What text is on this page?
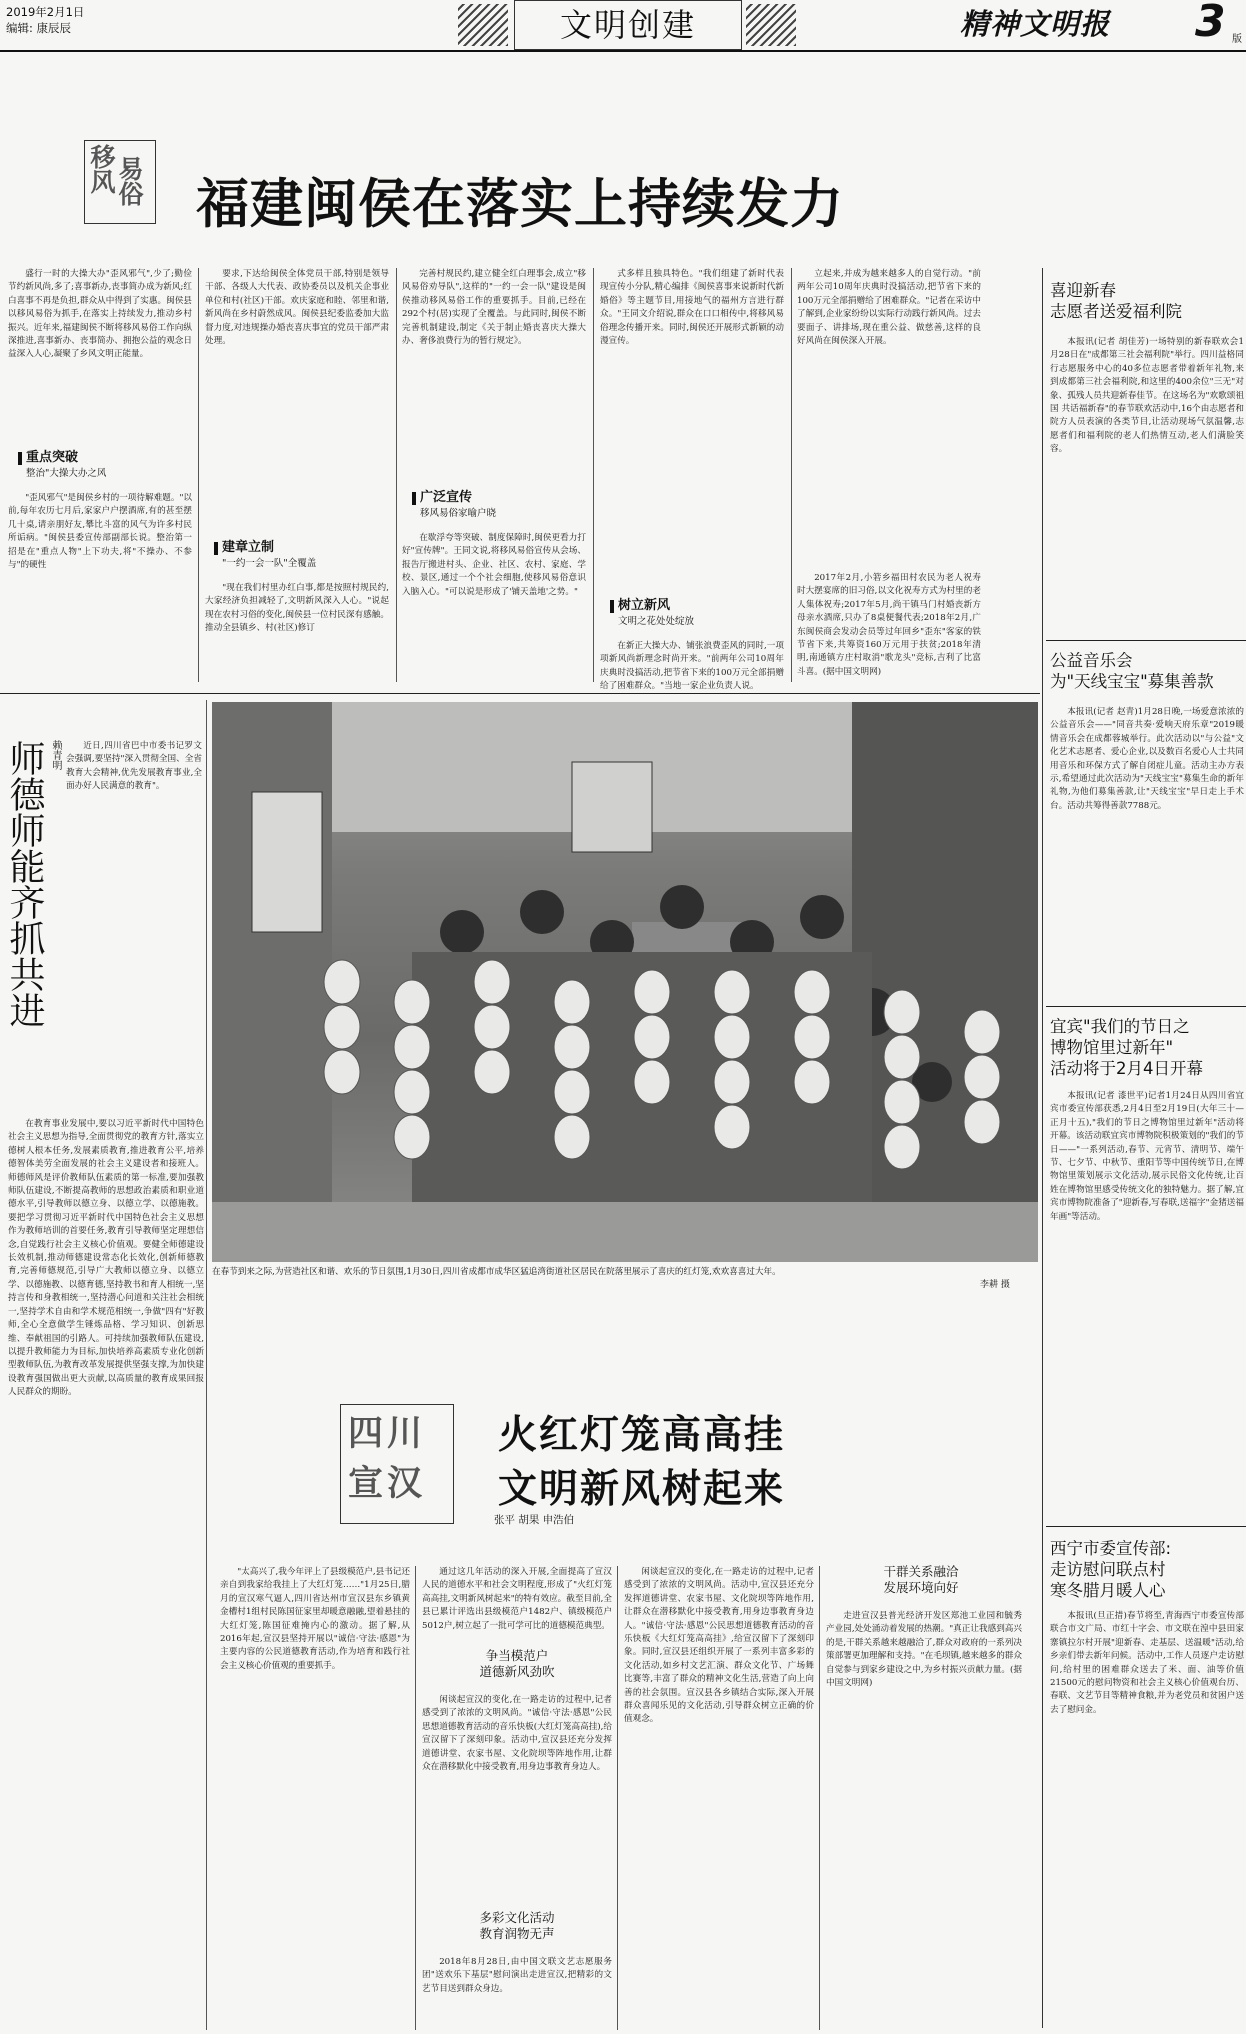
2019年2月1日
编辑: 康辰辰	文明创建	精神文明报 3 版
移风 易俗 福建闽侯在落实上持续发力

盛行一时的大操大办"歪风邪气",少了;勤俭节约新风尚,多了;喜事新办,丧事简办成为新风;红白喜事不再是负担,群众从中得到了实惠。闽侯县以移风易俗为抓手,在落实上持续发力,推动乡村振兴。近年来,福建闽侯不断将移风易俗工作向纵深推进,喜事新办、丧事简办、拥抱公益的观念日益深入人心,凝聚了乡风文明正能量。

重点突破
整治"大操大办之风

"歪风邪气"是闽侯乡村的一项待解难题。"以前,每年农历七月后,家家户户摆酒席,有的甚至摆几十桌,请亲朋好友,攀比斗富的风气为许多村民所诟病。"闽侯县委宣传部副部长说。整治第一招是在"重点人物"上下功夫,将"不操办、不参与"的硬性

要求,下达给闽侯全体党员干部,特别是领导干部、各级人大代表、政协委员以及机关企事业单位和村(社区)干部。欢庆家庭和睦、邻里和谐,新风尚在乡村蔚然成风。闽侯县纪委监委加大监督力度,对违规操办婚丧喜庆事宜的党员干部严肃处理。

建章立制
"一约一会一队"全覆盖

"现在我们村里办红白事,都是按照村规民约,大家经济负担减轻了,文明新风深入人心。"说起现在农村习俗的变化,闽侯县一位村民深有感触。推动全县镇乡、村(社区)修订

完善村规民约,建立健全红白理事会,成立"移风易俗劝导队",这样的"一约一会一队"建设是闽侯推动移风易俗工作的重要抓手。目前,已经在292个村(居)实现了全覆盖。与此同时,闽侯不断完善机制建设,制定《关于制止婚丧喜庆大操大办、奢侈浪费行为的暂行规定》。

广泛宣传
移风易俗家喻户晓

在歇浮夸等突破、制度保障时,闽侯更看力打好"宣传牌"。王同文说,将移风易俗宣传从会场、报告厅搬进村头、企业、社区、农村、家庭、学校、景区,通过一个个社会细胞,使移风易俗意识入脑入心。"可以说是形成了'铺天盖地'之势。"

式多样且独具特色。"我们组建了新时代表现宣传小分队,精心编排《闽侯喜事来说新时代新婚俗》等主题节目,用接地气的福州方言进行群众。"王同文介绍说,群众在口口相传中,将移风易俗理念传播开来。同时,闽侯还开展形式新颖的动漫宣传。

树立新风
文明之花处处绽放

在新正大操大办、铺张浪费歪风的同时,一项项新风尚新理念时尚开来。"前两年公司10周年庆典时没搞活动,把节省下来的100万元全部捐赠给了困难群众。"当地一家企业负责人说。

立起来,并成为越来越多人的自觉行动。"前两年公司10周年庆典时没搞活动,把节省下来的100万元全部捐赠给了困难群众。"记者在采访中了解到,企业家纷纷以实际行动践行新风尚。过去要面子、讲排场,现在重公益、做慈善,这样的良好风尚在闽侯深入开展。

2017年2月,小箬乡福田村农民为老人祝寿时大摆宴席的旧习俗,以文化祝寿方式为村里的老人集体祝寿;2017年5月,尚干镇马门村婚丧新方母亲水酒席,只办了8桌便餐代表;2018年2月,广东闽侯商会发动会员等过年回乡"歪东"客家的铁节省下来,共筹资160万元用于扶贫;2018年清明,南通镇方庄村取消"歌龙头"竞标,吉利了比富斗喜。(据中国文明网)

喜迎新春
志愿者送爱福利院

本报讯(记者 胡佳芳)一场特别的新春联欢会1月28日在"成都第三社会福利院"举行。四川益格同行志愿服务中心的40多位志愿者带着新年礼物,来到成都第三社会福利院,和这里的400余位"三无"对象、孤残人员共迎新春佳节。在这场名为"欢歌颂祖国 共话福新春"的春节联欢活动中,16个由志愿者和院方人员表演的各类节目,让活动现场气氛温馨,志愿者们和福利院的老人们热情互动,老人们满脸笑容。

公益音乐会
为"天线宝宝"募集善款

本报讯(记者 赵青)1月28日晚,一场爱意浓浓的公益音乐会——"同音共奏·爱响天府乐章"2019暖情音乐会在成都蓉城举行。此次活动以"与公益"文化艺术志愿者、爱心企业,以及数百名爱心人士共同用音乐和环保方式了解自闭症儿童。活动主办方表示,希望通过此次活动为"天线宝宝"募集生命的新年礼物,为他们募集善款,让"天线宝宝"早日走上手术台。活动共筹得善款7788元。

宜宾"我们的节日之
博物馆里过新年"
活动将于2月4日开幕

本报讯(记者 漆世平)记者1月24日从四川省宜宾市委宣传部获悉,2月4日至2月19日(大年三十—正月十五),"我们的节日之博物馆里过新年"活动将开幕。该活动联宜宾市博物院积极策划的"我们的节日——"一系列活动,春节、元宵节、清明节、端午节、七夕节、中秋节、重阳节等中国传统节日,在博物馆里策划展示文化活动,展示民俗文化传统,让百姓在博物馆里感受传统文化的独特魅力。据了解,宜宾市博物院准备了"迎新春,写春联,送福字"金猪送福年画"等活动。

西宁市委宣传部:
走访慰问联点村
寒冬腊月暖人心

本报讯(旦正措)春节将至,青海西宁市委宣传部联合市文广局、市红十字会、市文联在湟中县田家寨镇拉尔村开展"迎新春、走基层、送温暖"活动,给乡亲们带去新年问候。活动中,工作人员逐户走访慰问,给村里的困难群众送去了米、面、油等价值21500元的慰问物资和社会主义核心价值观台历、春联、文艺节目等精神食粮,并为老党员和贫困户送去了慰问金。

师德师能齐抓共进 赖青明	近日,四川省巴中市委书记罗文会强调,要坚持"深入贯彻全国、全省教育大会精神,优先发展教育事业,全面办好人民满意的教育"。

在教育事业发展中,要以习近平新时代中国特色社会主义思想为指导,全面贯彻党的教育方针,落实立德树人根本任务,发展素质教育,推进教育公平,培养德智体美劳全面发展的社会主义建设者和接班人。师德师风是评价教师队伍素质的第一标准,要加强教师队伍建设,不断提高教师的思想政治素质和职业道德水平,引导教师以德立身、以德立学、以德施教。要把学习贯彻习近平新时代中国特色社会主义思想作为教师培训的首要任务,教育引导教师坚定理想信念,自觉践行社会主义核心价值观。要健全师德建设长效机制,推动师德建设常态化长效化,创新师德教育,完善师德规范,引导广大教师以德立身、以德立学、以德施教、以德育德,坚持教书和育人相统一,坚持言传和身教相统一,坚持潜心问道和关注社会相统一,坚持学术自由和学术规范相统一,争做"四有"好教师,全心全意做学生锤炼品格、学习知识、创新思维、奉献祖国的引路人。可持续加强教师队伍建设,以提升教师能力为目标,加快培养高素质专业化创新型教师队伍,为教育改革发展提供坚强支撑,为加快建设教育强国做出更大贡献,以高质量的教育成果回报人民群众的期盼。

在春节到来之际,为营造社区和谐、欢乐的节日氛围,1月30日,四川省成都市成华区猛追湾街道社区居民在院落里展示了喜庆的红灯笼,欢欢喜喜过大年。
李耕 摄
四川
宣汉
火红灯笼高高挂
文明新风树起来
张平 胡果 申浩伯

"太高兴了,我今年评上了县级模范户,县书记还亲自到我家给我挂上了大红灯笼……"1月25日,腊月的宣汉寒气逼人,四川省达州市宣汉县东乡镇黄金槽村1组村民陈国征家里却暖意融融,望着悬挂的大红灯笼,陈国征难掩内心的激动。据了解,从2016年起,宣汉县坚持开展以"诚信·守法·感恩"为主要内容的公民道德教育活动,作为培育和践行社会主义核心价值观的重要抓手。

通过这几年活动的深入开展,全面提高了宣汉人民的道德水平和社会文明程度,形成了"火红灯笼高高挂,文明新风树起来"的特有效应。截至目前,全县已累计评选出县级模范户1482户、镇级模范户5012户,树立起了一批可学可比的道德模范典型。

争当模范户
道德新风劲吹

闲谈起宣汉的变化,在一路走访的过程中,记者感受到了浓浓的文明风尚。"诚信·守法·感恩"公民思想道德教育活动的音乐快板(大红灯笼高高挂),给宣汉留下了深刻印象。活动中,宣汉县还充分发挥道德讲堂、农家书屋、文化院坝等阵地作用,让群众在潜移默化中接受教育,用身边事教育身边人。

多彩文化活动
教育润物无声

2018年8月28日,由中国文联文艺志愿服务团"送欢乐下基层"慰问演出走进宣汉,把精彩的文艺节目送到群众身边。

闲谈起宣汉的变化,在一路走访的过程中,记者感受到了浓浓的文明风尚。活动中,宣汉县还充分发挥道德讲堂、农家书屋、文化院坝等阵地作用,让群众在潜移默化中接受教育,用身边事教育身边人。"诚信·守法·感恩"公民思想道德教育活动的音乐快板《大红灯笼高高挂》,给宣汉留下了深刻印象。同时,宣汉县还组织开展了一系列丰富多彩的文化活动,如乡村文艺汇演、群众文化节、广场舞比赛等,丰富了群众的精神文化生活,营造了向上向善的社会氛围。宣汉县各乡镇结合实际,深入开展群众喜闻乐见的文化活动,引导群众树立正确的价值观念。

干群关系融洽
发展环境向好

走进宣汉县普光经济开发区郑池工业园和毓秀产业园,处处涌动着发展的热潮。"真正让我感到高兴的是,干群关系越来越融洽了,群众对政府的一系列决策部署更加理解和支持。"在毛坝镇,越来越多的群众自觉参与到家乡建设之中,为乡村振兴贡献力量。(据中国文明网)
